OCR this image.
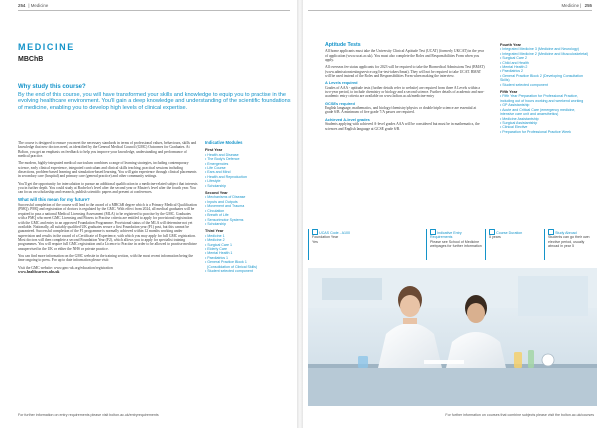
254 | Medicine
MEDICINE
MBChB
Why study this course?
By the end of this course, you will have transformed your skills and knowledge to equip you to practise in the evolving healthcare environment. You'll gain a deep knowledge and understanding of the scientific foundations of medicine, enabling you to develop high levels of clinical expertise.

The course is designed to ensure you meet the necessary standards in terms of professional values, behaviours, skills and knowledge that new doctors need, as identified by the General Medical Council (GMC) Outcomes for Graduates. At Bolton, you get an emphasis on feedback to help you improve your knowledge, understanding and performance of medical practice.

The modern, highly-integrated medical curriculum combines a range of learning strategies, including contemporary science, early clinical experience, integrated curriculum and clinical skills teaching, practical sessions including dissections, problem-based learning and simulation-based learning. You will gain experience through clinical placements in secondary care (hospital) and primary care (general practice) and other community settings.

You'll get the opportunity for intercalation to pursue an additional qualification in a medicine-related subject that interests you in further depth. You could study at Bachelor's level after the second year or Master's level after the fourth year. You can focus on scholarship and research, publish scientific papers and present at conferences.

What will this mean for my future?

Successful completion of the course will lead to the award of a MBChB degree which is a Primary Medical Qualification (PMQ). PMQ and registration of doctors is regulated by the GMC. With effect from 2024, all medical graduates will be required to pass a national Medical Licensing Assessment (MLA) to be registered to practise by the GMC. Graduates with a PMQ who meet GMC Licensing and Fitness to Practise criteria are entitled to apply for provisional registration with the GMC and entry to an approved Foundation Programme. Provisional status of the MLA will determine not yet available. Nationally, all suitably qualified UK graduates secure a first Foundation year (F1) post, but this cannot be guaranteed. Successful completion of the F1 programme is normally achieved within 12 months working under supervision and results in the award of a Certificate of Experience, with which you may apply for full GMC registration. Most doctors will then complete a second Foundation Year (F2), which allows you to apply for specialist training programmes. You will require full GMC registration and a Licence to Practise in order to be allowed to practise medicine unsupervised in the UK or either the NHS or private practice.

You can find more information on the GMC website in the training section, with the most recent information being the time ongoing to press. For up to date information please visit:

Visit the GMC website: www.gmc-uk.org/education/registration

www.healthcareers.nhs.uk

Indicative Modules
First Year
• Health and Disease
• The Body's Defence
• Emergencies
• Life Course
• Ears and Mind
• Health and Reproduction
• Lifestyle
• Scholarship
Second Year
• Mechanisms of Disease
• Inputs and Outputs
• Movement and Trauma
• Circulation
• Breath of Life
• Sensorimotor Systems
• Scholarship
Third Year
• Medicine 1
• Medicine 2
• Surgical Care 1
• Elderly Care
• Mental Health 1
• Paediatrics 1
• General Practice Block 1
(Consolidation of Clinical Skills)
• Student selected component
For further information on entry requirements please visit bolton.ac.uk/entryrequirements
Medicine | 255
Aptitude Tests

All home applicants must take the University Clinical Aptitude Test (UCAT) (formerly UKCAT) in the year of application (www.ucat.ac.uk). You must also complete the Roles and Responsibilities Form when you apply.

All overseas fee status applicants for 2023 will be required to take the Biomedical Admissions Test (BMAT) (www.admissionstestingservice.org/for-test-takers/bmat). They will not be required to take UCAT. BMAT will be used instead of the Roles and Responsibilities Form when making the interview.

A Levels required

Grades of AAA - aptitude tests (further details refer to website) are required from three A Levels within a two-year period, to include chemistry or biology and a second science. Further details of academic and non-academic entry criteria are available on www.bolton.ac.uk/medicine-entry

GCSEs required

English language, mathematics, and biology/chemistry/physics or double/triple science are essential at grade 6/B. A minimum of five grade 7/A passes are required.

Achieved A-level grades

Students applying with achieved A-level grades AAA will be considered but must be in mathematics, the sciences and English language at GCSE grade 6/B.

Fourth Year
• Integrated Medicine 3 (Medicine and Neurology)
• Integrated Medicine 2 (Medicine and Musculoskeletal)
• Surgical Care 2
• Child and Health
• Mental Health 2
• Paediatrics 2
• General Practice Block 2 (Developing Consultation Skills)
• Student selected component
Fifth Year
• Fifth Year Preparation for Professional Practice, including out of hours working and weekend working
• GP Assistantship
• Acute and Critical Care (emergency medicine, intensive care unit and anaesthetics)
• Medicine Assistantship
• Surgical Assistantship
• Clinical Elective
• Preparation for Professional Practice Week
UCAS Code - A100
Foundation Year
Yes
Indicative Entry Requirements
Please see School of Medicine webpages for further information
Course Duration
5 years
Study Abroad
Students can go their own elective period, usually abroad in year 5
For further information on courses that combine subjects please visit the bolton.ac.uk/courses
